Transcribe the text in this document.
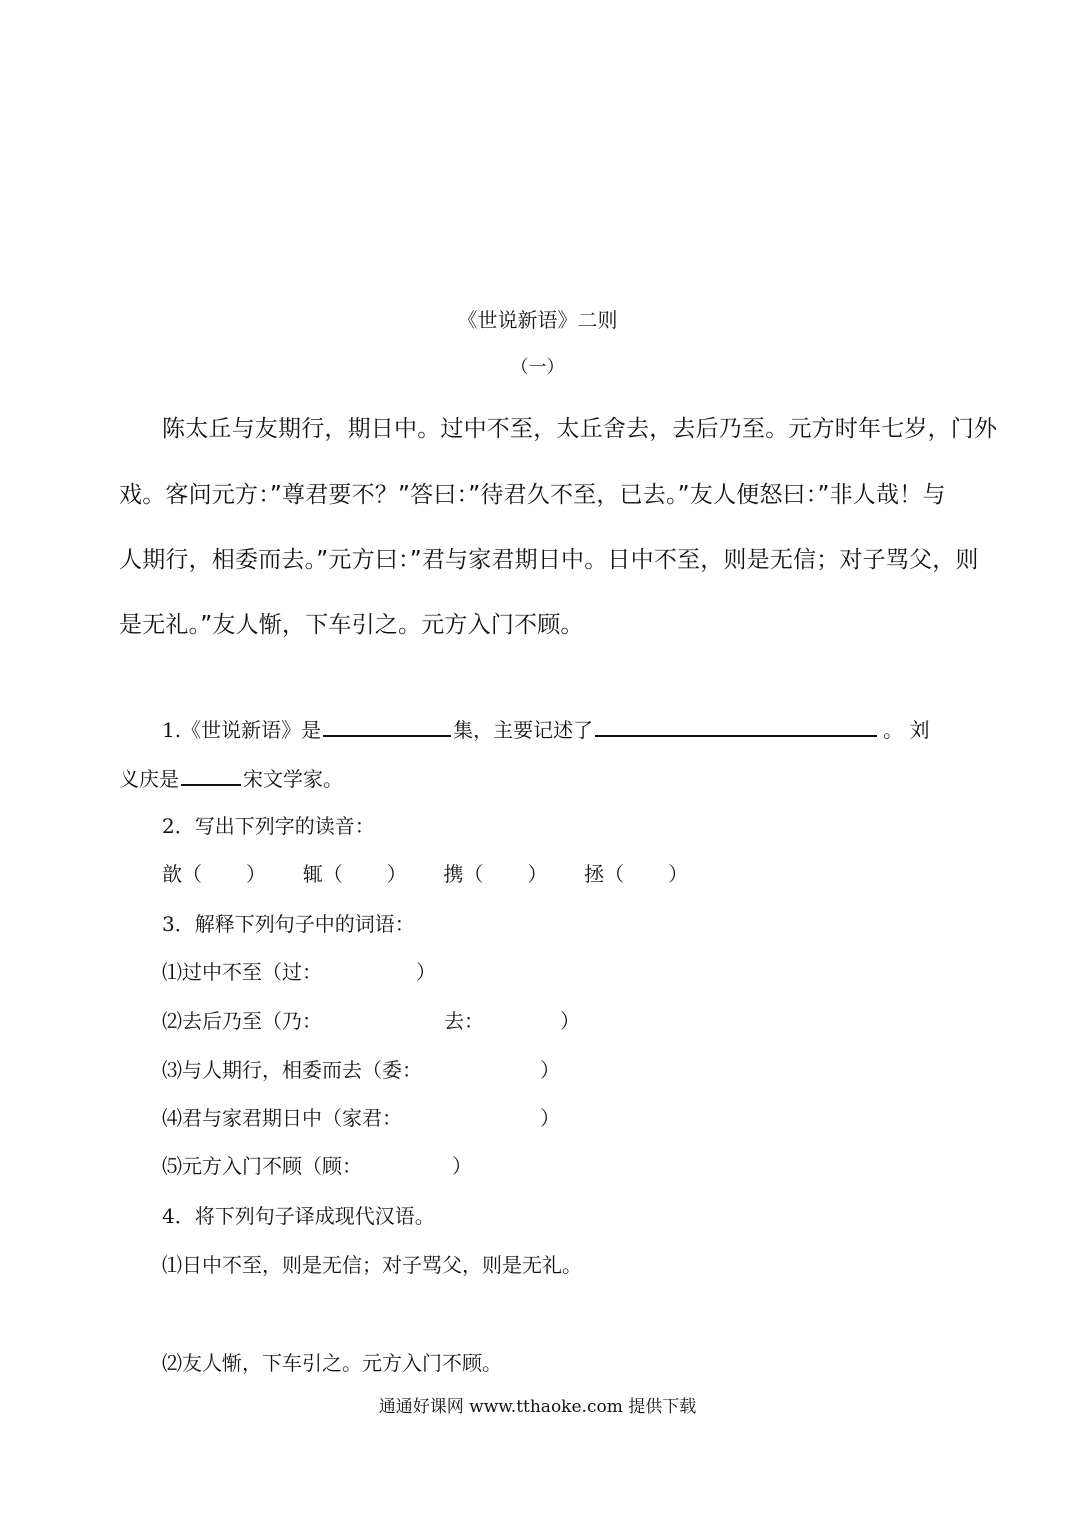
《世说新语》二则
（一）
陈太丘与友期行，期日中。过中不至，太丘舍去，去后乃至。元方时年七岁，门外
戏。客问元方：”尊君要不？”答曰：”待君久不至，已去。”友人便怒曰：”非人哉！与
人期行，相委而去。”元方曰：”君与家君期日中。日中不至，则是无信；对子骂父，则
是无礼。”友人惭，下车引之。元方入门不顾。
1.《世说新语》是	集，主要记述了	。 刘
义庆是	宋文学家。
2．写出下列字的读音：
歆（ ） 辄（ ） 携（ ） 拯（ ）
3．解释下列句子中的词语：
⑴过中不至（过：	）
⑵去后乃至（乃：	去：	）
⑶与人期行，相委而去（委：	）
⑷君与家君期日中（家君：	）
⑸元方入门不顾（顾：	）
4．将下列句子译成现代汉语。
⑴日中不至，则是无信；对子骂父，则是无礼。
⑵友人惭，下车引之。元方入门不顾。
通通好课网 www.tthaoke.com 提供下载
